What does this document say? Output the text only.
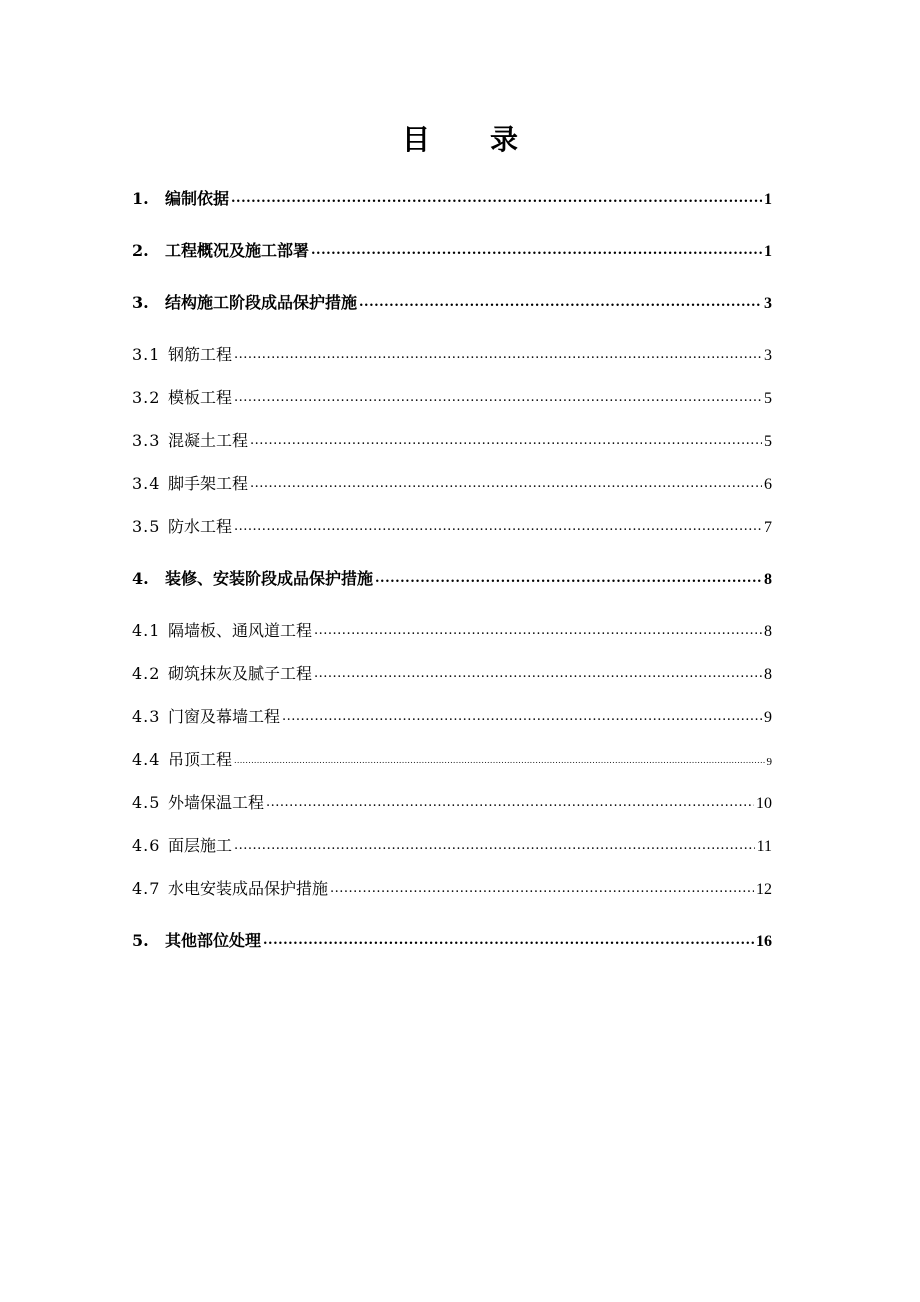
目 录
1.	编制依据 .....	1
2.	工程概况及施工部署 .....	1
3.	结构施工阶段成品保护措施 .....	3
3.1 钢筋工程 .....	3
3.2 模板工程 .....	5
3.3 混凝土工程 .....	5
3.4 脚手架工程 .....	6
3.5 防水工程 .....	7
4.	装修、安装阶段成品保护措施 .....	8
4.1 隔墙板、通风道工程 .....	8
4.2 砌筑抹灰及腻子工程 .....	8
4.3 门窗及幕墙工程 .....	9
4.4 吊顶工程 .....	9
4.5 外墙保温工程 .....	10
4.6 面层施工 .....	11
4.7 水电安装成品保护措施 .....	12
5.	其他部位处理 .....	16
